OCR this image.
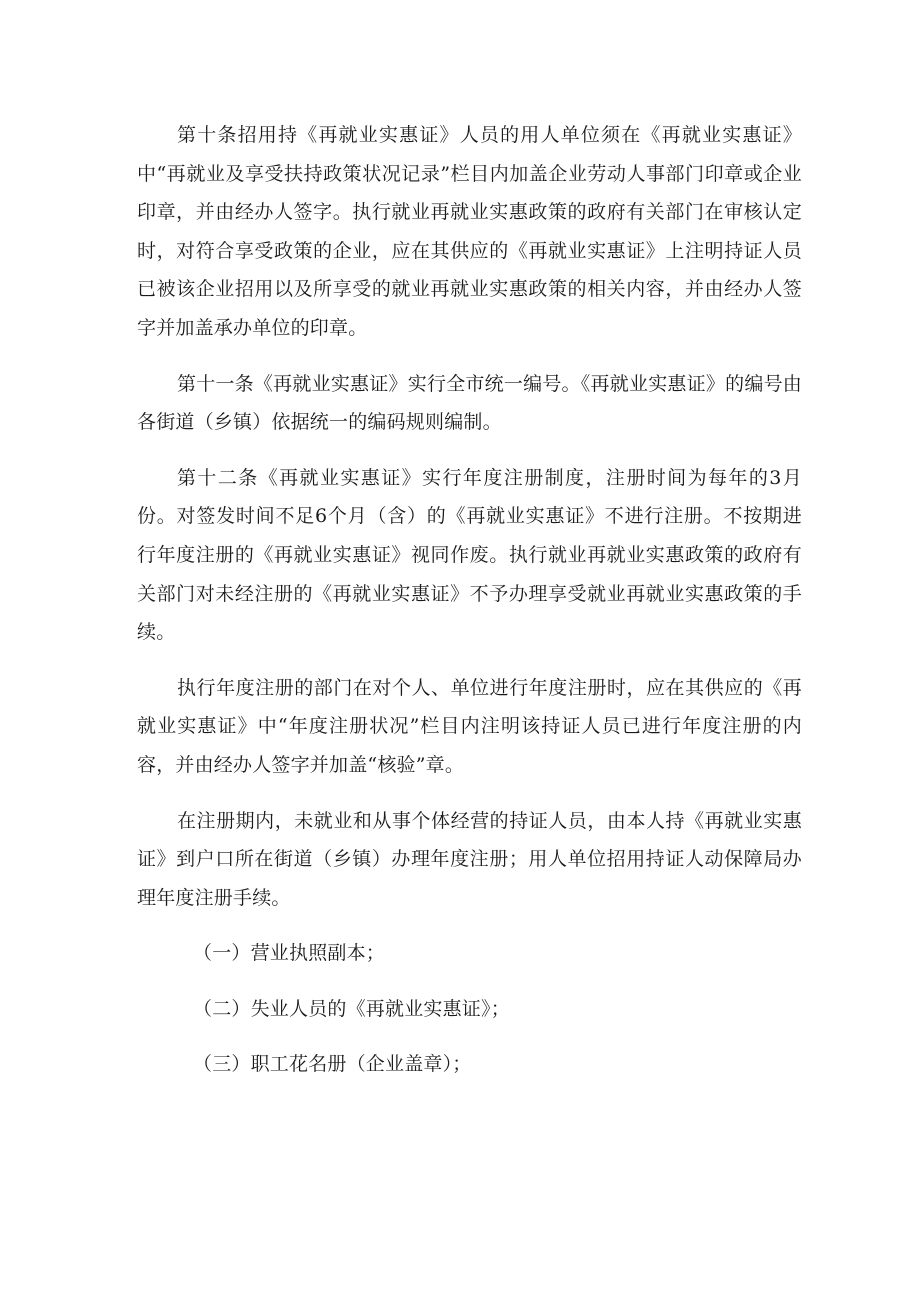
第十条招用持《再就业实惠证》人员的用人单位须在《再就业实惠证》中“再就业及享受扶持政策状况记录”栏目内加盖企业劳动人事部门印章或企业印章，并由经办人签字。执行就业再就业实惠政策的政府有关部门在审核认定时，对符合享受政策的企业，应在其供应的《再就业实惠证》上注明持证人员已被该企业招用以及所享受的就业再就业实惠政策的相关内容，并由经办人签字并加盖承办单位的印章。

第十一条《再就业实惠证》实行全市统一编号。《再就业实惠证》的编号由各街道（乡镇）依据统一的编码规则编制。

第十二条《再就业实惠证》实行年度注册制度，注册时间为每年的3月份。对签发时间不足6个月（含）的《再就业实惠证》不进行注册。不按期进行年度注册的《再就业实惠证》视同作废。执行就业再就业实惠政策的政府有关部门对未经注册的《再就业实惠证》不予办理享受就业再就业实惠政策的手续。

执行年度注册的部门在对个人、单位进行年度注册时，应在其供应的《再就业实惠证》中“年度注册状况”栏目内注明该持证人员已进行年度注册的内容，并由经办人签字并加盖“核验”章。

在注册期内，未就业和从事个体经营的持证人员，由本人持《再就业实惠证》到户口所在街道（乡镇）办理年度注册；用人单位招用持证人动保障局办理年度注册手续。

（一）营业执照副本；

（二）失业人员的《再就业实惠证》；

（三）职工花名册（企业盖章）；
